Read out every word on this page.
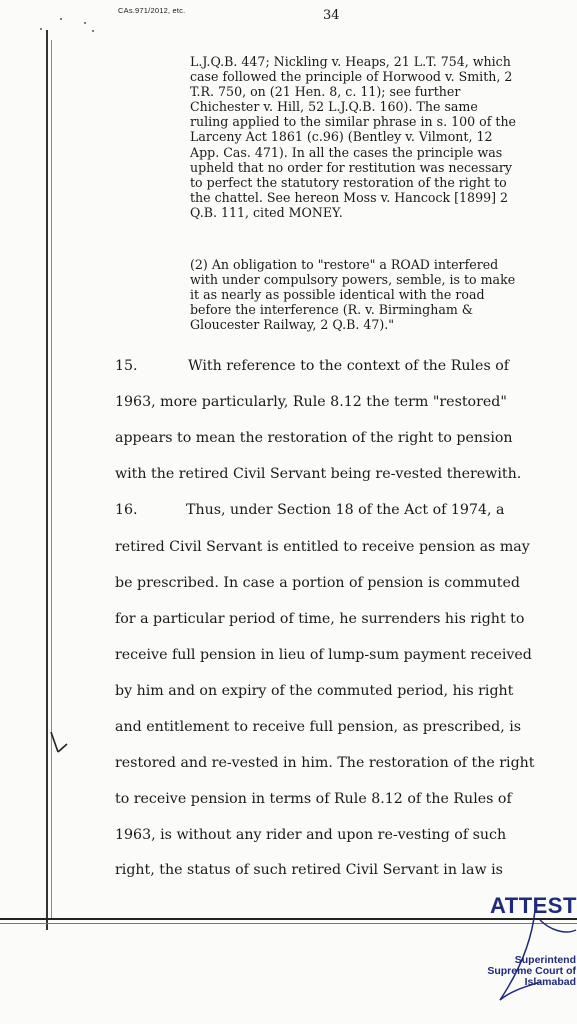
CAs.971/2012, etc.	34

L.J.Q.B. 447; Nickling v. Heaps, 21 L.T. 754, which

case followed the principle of Horwood v. Smith, 2

T.R. 750, on (21 Hen. 8, c. 11); see further

Chichester v. Hill, 52 L.J.Q.B. 160). The same

ruling applied to the similar phrase in s. 100 of the

Larceny Act 1861 (c.96) (Bentley v. Vilmont, 12

App. Cas. 471). In all the cases the principle was

upheld that no order for restitution was necessary

to perfect the statutory restoration of the right to

the chattel. See hereon Moss v. Hancock [1899] 2

Q.B. 111, cited MONEY.

(2) An obligation to "restore" a ROAD interfered

with under compulsory powers, semble, is to make

it as nearly as possible identical with the road

before the interference (R. v. Birmingham &

Gloucester Railway, 2 Q.B. 47)."

15.	With reference to the context of the Rules of
1963, more particularly, Rule 8.12 the term "restored"
appears to mean the restoration of the right to pension
with the retired Civil Servant being re-vested therewith.
16.	Thus, under Section 18 of the Act of 1974, a
retired Civil Servant is entitled to receive pension as may
be prescribed. In case a portion of pension is commuted
for a particular period of time, he surrenders his right to
receive full pension in lieu of lump-sum payment received
by him and on expiry of the commuted period, his right
and entitlement to receive full pension, as prescribed, is
restored and re-vested in him. The restoration of the right
to receive pension in terms of Rule 8.12 of the Rules of
1963, is without any rider and upon re-vesting of such
right, the status of such retired Civil Servant in law is
ATTEST
Superintend
Supreme Court of
Islamabad
